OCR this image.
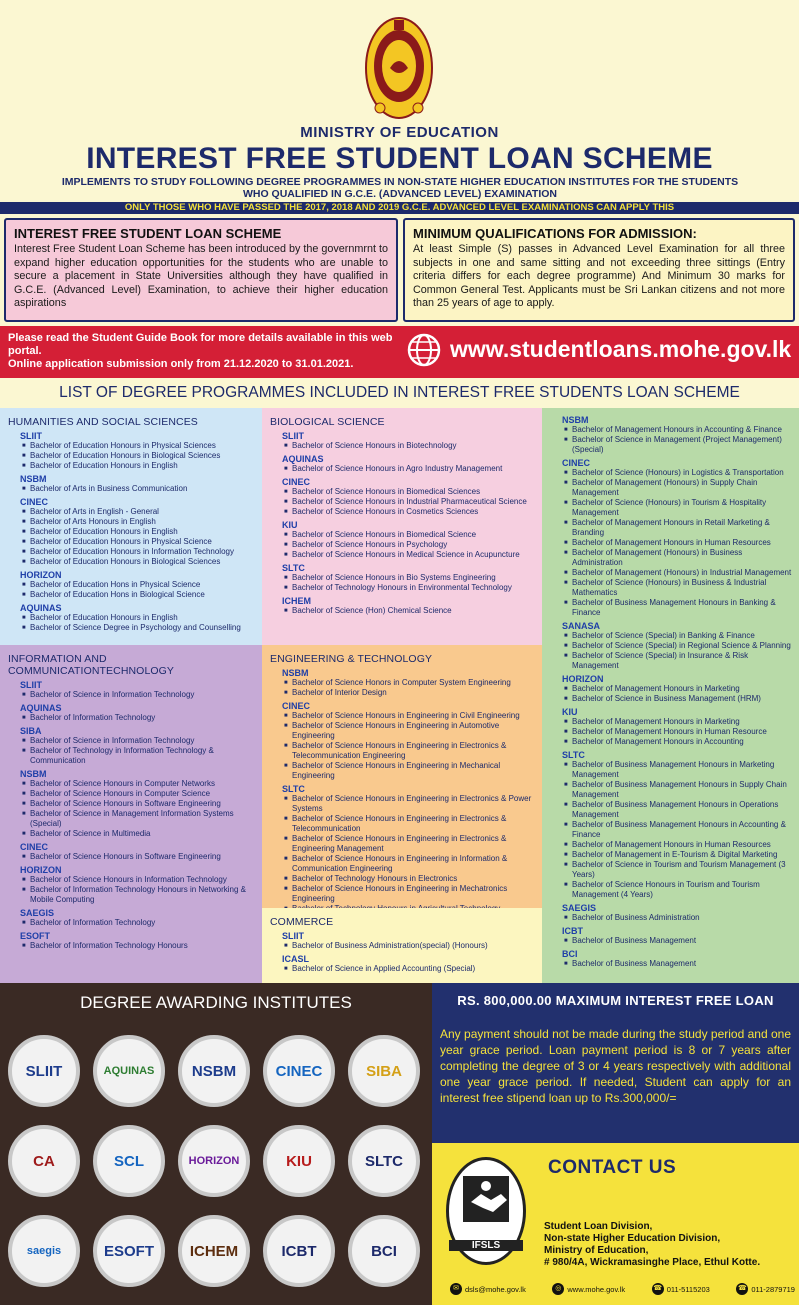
MINISTRY OF EDUCATION
INTEREST FREE STUDENT LOAN SCHEME
IMPLEMENTS TO STUDY FOLLOWING DEGREE PROGRAMMES IN NON-STATE HIGHER EDUCATION INSTITUTES FOR THE STUDENTS WHO QUALIFIED IN G.C.E. (ADVANCED LEVEL) EXAMINATION
ONLY THOSE WHO HAVE PASSED THE 2017, 2018 AND 2019 G.C.E. ADVANCED LEVEL EXAMINATIONS CAN APPLY THIS
INTEREST FREE STUDENT LOAN SCHEME
Interest Free Student Loan Scheme has been introduced by the governmrnt to expand higher education opportunities for the students who are unable to secure a placement in State Universities although they have qualified in G.C.E. (Advanced Level) Examination, to achieve their higher education aspirations
MINIMUM QUALIFICATIONS FOR ADMISSION:
At least Simple (S) passes in Advanced Level Examination for all three subjects in one and same sitting and not exceeding three sittings (Entry criteria differs for each degree programme) And Minimum 30 marks for Common General Test. Applicants must be Sri Lankan citizens and not more than 25 years of age to apply.
Please read the Student Guide Book for more details available in this web portal.
Online application submission only from 21.12.2020 to 31.01.2021.
www.studentloans.mohe.gov.lk
LIST OF DEGREE PROGRAMMES INCLUDED IN INTEREST FREE STUDENTS LOAN SCHEME
HUMANITIES AND SOCIAL SCIENCES
SLIIT
■ Bachelor of Education Honours in Physical Sciences
■ Bachelor of Education Honours in Biological Sciences
■ Bachelor of Education Honours in English
NSBM
■ Bachelor of Arts in Business Communication
CINEC
■ Bachelor of Arts in English - General
■ Bachelor of Arts Honours in English
■ Bachelor of Education Honours in English
■ Bachelor of Education Honours in Physical Science
■ Bachelor of Education Honours in Information Technology
■ Bachelor of Education Honours in Biological Sciences
HORIZON
■ Bachelor of Education Hons in Physical Science
■ Bachelor of Education Hons in Biological Science
AQUINAS
■ Bachelor of Education Honours in English
■ Bachelor of Science Degree in Psychology and Counselling
BIOLOGICAL SCIENCE
SLIIT
■ Bachelor of Science Honours in Biotechnology
AQUINAS
■ Bachelor of Science Honours in Agro Industry Management
CINEC
■ Bachelor of Science Honours in Biomedical Sciences
■ Bachelor of Science Honours in Industrial Pharmaceutical Science
■ Bachelor of Science Honours in Cosmetics Sciences
KIU
■ Bachelor of Science Honours in Biomedical Science
■ Bachelor of Science Honours in Psychology
■ Bachelor of Science Honours in Medical Science in Acupuncture
SLTC
■ Bachelor of Science Honours in Bio Systems Engineering
■ Bachelor of Technology Honours in Environmental Technology
ICHEM
■ Bachelor of Science (Hon) Chemical Science
INFORMATION AND COMMUNICATIONTECHNOLOGY
SLIIT
■ Bachelor of Science in Information Technology
AQUINAS
■ Bachelor of Information Technology
SIBA
■ Bachelor of Science in Information Technology
■ Bachelor of Technology in Information Technology & Communication
NSBM
■ Bachelor of Science Honours in Computer Networks
■ Bachelor of Science Honours in Computer Science
■ Bachelor of Science Honours in Software Engineering
■ Bachelor of Science in Management Information Systems (Special)
■ Bachelor of Science in Multimedia
CINEC
■ Bachelor of Science Honours in Software Engineering
HORIZON
■ Bachelor of Science Honours in Information Technology
■ Bachelor of Information Technology Honours in Networking & Mobile Computing
SAEGIS
■ Bachelor of Information Technology
ESOFT
■ Bachelor of Information Technology Honours
ENGINEERING & TECHNOLOGY
NSBM
■ Bachelor of Science Honors in Computer System Engineering
■ Bachelor of Interior Design
CINEC
■ Bachelor of Science Honours in Engineering in Civil Engineering
■ Bachelor of Science Honours in Engineering in Automotive Engineering
■ Bachelor of Science Honours in Engineering in Electronics & Telecommunication Engineering
■ Bachelor of Science Honours in Engineering in Mechanical Engineering
SLTC
■ Bachelor of Science Honours in Engineering in Electronics & Power Systems
■ Bachelor of Science Honours in Engineering in Electronics & Telecommunication
■ Bachelor of Science Honours in Engineering in Electronics & Engineering Management
■ Bachelor of Science Honours in Engineering in Information & Communication Engineering
■ Bachelor of Technology Honours in Electronics
■ Bachelor of Science Honours in Engineering in Mechatronics Engineering
■
COMMERCE
SLIIT
■ Bachelor of Business Administration(special) (Honours)
ICASL
■ Bachelor of Science in Applied Accounting (Special)
NSBM
■ Bachelor of Management Honours in Accounting & Finance
■ Bachelor of Science in Management (Project Management) (Special)
CINEC
■ Bachelor of Science (Honours) in Logistics & Transportation
■ Bachelor of Management (Honours) in Supply Chain Management
■ Bachelor of Science (Honours) in Tourism & Hospitality Management
■ Bachelor of Management Honours in Retail Marketing & Branding
■ Bachelor of Management Honours in Human Resources
■ Bachelor of Management (Honours) in Business Administration
■ Bachelor of Management (Honours) in Industrial Management
■ Bachelor of Science (Honours) in Business & Industrial Mathematics
■ Bachelor of Business Management Honours in Banking & Finance
SANASA
■ Bachelor of Science (Special) in Banking & Finance
■ Bachelor of Science (Special) in Regional Science & Planning
■ Bachelor of Science (Special) in Insurance & Risk Management
HORIZON
■ Bachelor of Management Honours in Marketing
■ Bachelor of Science in Business Management (HRM)
KIU
■ Bachelor of Management Honours in Marketing
■ Bachelor of Management Honours in Human Resource
■ Bachelor of Management Honours in Accounting
SLTC
■ Bachelor of Business Management Honours in Marketing Management
■ Bachelor of Business Management Honours in Supply Chain Management
■ Bachelor of Business Management Honours in Operations Management
■ Bachelor of Business Management Honours in Accounting & Finance
■ Bachelor of Management Honours in Human Resources
■ Bachelor of Management in E-Tourism & Digital Marketing
■ Bachelor of Science in Tourism and Tourism Management (3 Years)
■ Bachelor of Science Honours in Tourism and Tourism Management (4 Years)
SAEGIS
■ Bachelor of Business Administration
ICBT
■ Bachelor of Business Management
BCI
■ Bachelor of Business Management
DEGREE AWARDING INSTITUTES
SLIIT	AQUINAS	NSBM	CINEC	SIBA
CA	SCL	HORIZON	KIU	SLTC
saegis	ESOFT ICHEM	ICBT	BCI
RS. 800,000.00 MAXIMUM INTEREST FREE LOAN
Any payment should not be made during the study period and one year grace period. Loan payment period is 8 or 7 years after completing the degree of 3 or 4 years respectively with additional one year grace period. If needed, Student can apply for an interest free stipend loan up to Rs.300,000/=
IFSLS
CONTACT US
Student Loan Division,
Non-state Higher Education Division,
Ministry of Education,
# 980/4A, Wickramasinghe Place, Ethul Kotte.
✉ dsls@mohe.gov.lk	◎ www.mohe.gov.lk	☎ 011-5115203	☎ 011-2879719
